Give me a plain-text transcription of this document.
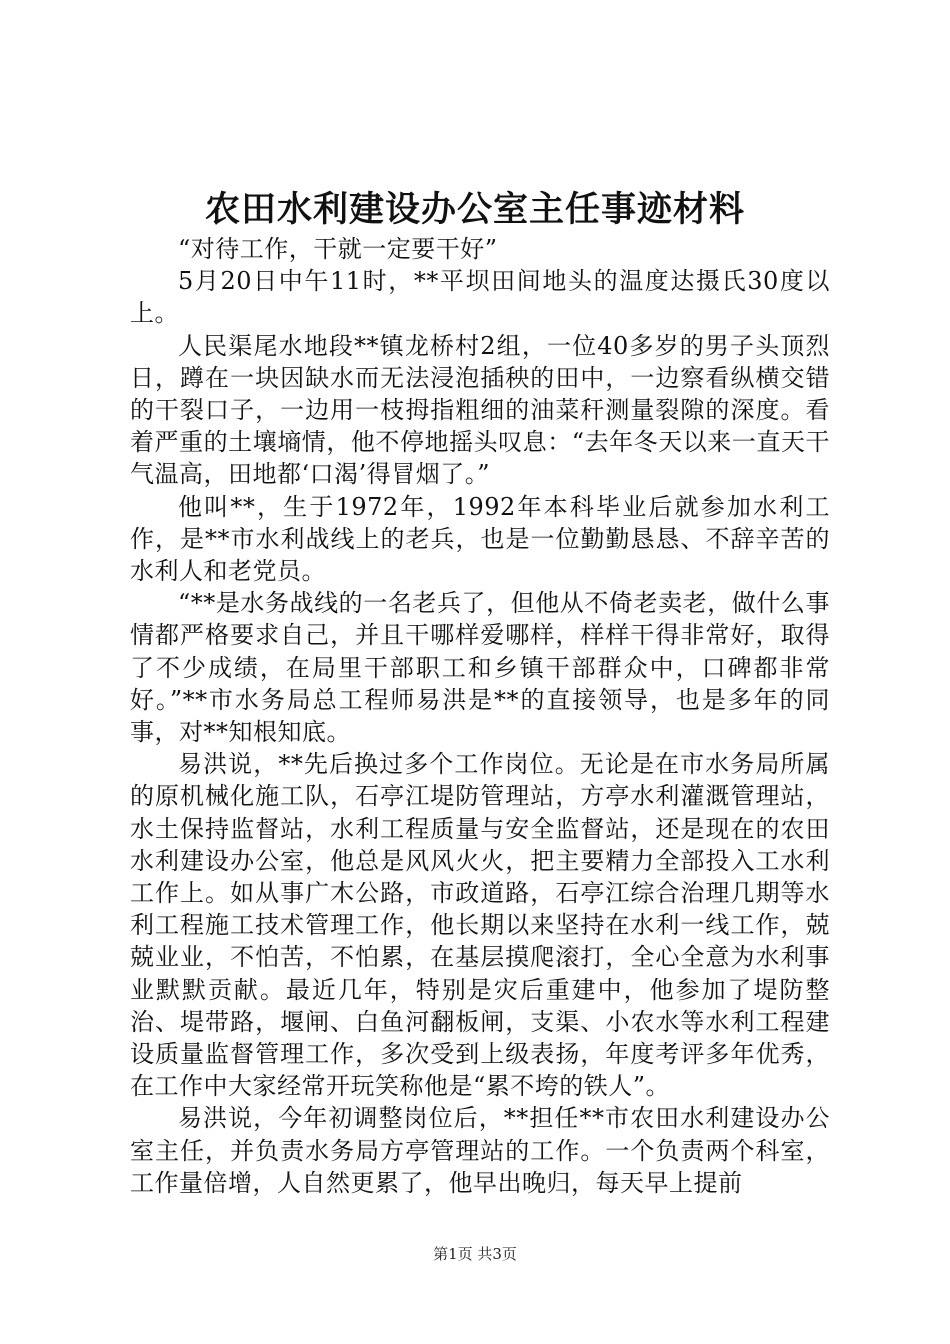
农田水利建设办公室主任事迹材料

“对待工作，干就一定要干好”

5月20日中午11时，**平坝田间地头的温度达摄氏30度以上。

人民渠尾水地段**镇龙桥村2组，一位40多岁的男子头顶烈日，蹲在一块因缺水而无法浸泡插秧的田中，一边察看纵横交错的干裂口子，一边用一枝拇指粗细的油菜秆测量裂隙的深度。看着严重的土壤墒情，他不停地摇头叹息：“去年冬天以来一直天干气温高，田地都‘口渴’得冒烟了。”

他叫**，生于1972年，1992年本科毕业后就参加水利工作，是**市水利战线上的老兵，也是一位勤勤恳恳、不辞辛苦的水利人和老党员。

“**是水务战线的一名老兵了，但他从不倚老卖老，做什么事情都严格要求自己，并且干哪样爱哪样，样样干得非常好，取得了不少成绩，在局里干部职工和乡镇干部群众中，口碑都非常好。”**市水务局总工程师易洪是**的直接领导，也是多年的同事，对**知根知底。

易洪说，**先后换过多个工作岗位。无论是在市水务局所属的原机械化施工队，石亭江堤防管理站，方亭水利灌溉管理站，水土保持监督站，水利工程质量与安全监督站，还是现在的农田水利建设办公室，他总是风风火火，把主要精力全部投入工水利工作上。如从事广木公路，市政道路，石亭江综合治理几期等水利工程施工技术管理工作，他长期以来坚持在水利一线工作，兢兢业业，不怕苦，不怕累，在基层摸爬滚打，全心全意为水利事业默默贡献。最近几年，特别是灾后重建中，他参加了堤防整治、堤带路，堰闸、白鱼河翻板闸，支渠、小农水等水利工程建设质量监督管理工作，多次受到上级表扬，年度考评多年优秀，在工作中大家经常开玩笑称他是“累不垮的铁人”。

易洪说，今年初调整岗位后，**担任**市农田水利建设办公室主任，并负责水务局方亭管理站的工作。一个负责两个科室，工作量倍增，人自然更累了，他早出晚归，每天早上提前

第1页 共3页
